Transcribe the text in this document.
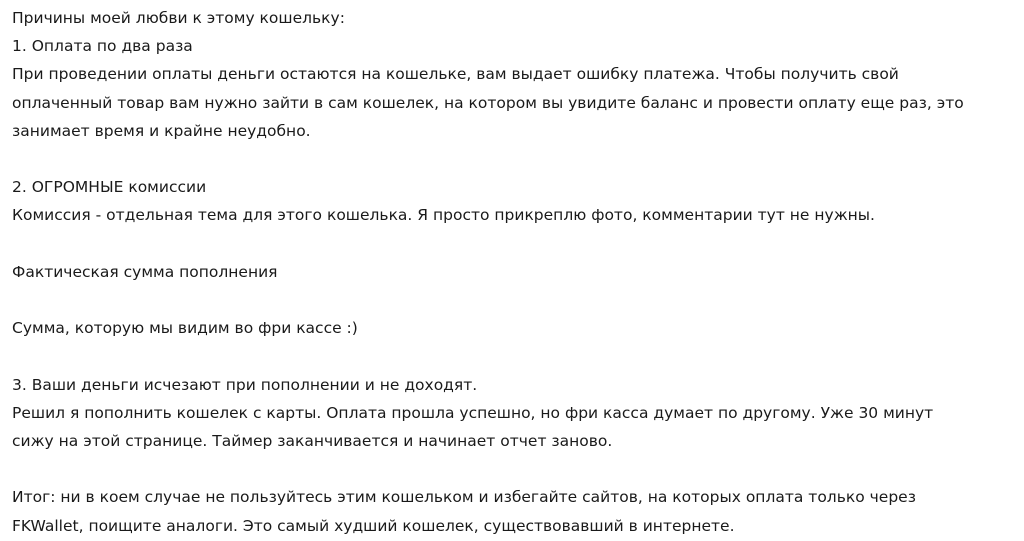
Причины моей любви к этому кошельку:

1. Оплата по два раза

При проведении оплаты деньги остаются на кошельке, вам выдает ошибку платежа. Чтобы получить свой

оплаченный товар вам нужно зайти в сам кошелек, на котором вы увидите баланс и провести оплату еще раз, это

занимает время и крайне неудобно.

2. ОГРОМНЫЕ комиссии

Комиссия - отдельная тема для этого кошелька. Я просто прикреплю фото, комментарии тут не нужны.

Фактическая сумма пополнения

Сумма, которую мы видим во фри кассе :)

3. Ваши деньги исчезают при пополнении и не доходят.

Решил я пополнить кошелек с карты. Оплата прошла успешно, но фри касса думает по другому. Уже 30 минут

сижу на этой странице. Таймер заканчивается и начинает отчет заново.

Итог: ни в коем случае не пользуйтесь этим кошельком и избегайте сайтов, на которых оплата только через

FKWallet, поищите аналоги. Это самый худший кошелек, существовавший в интернете.
